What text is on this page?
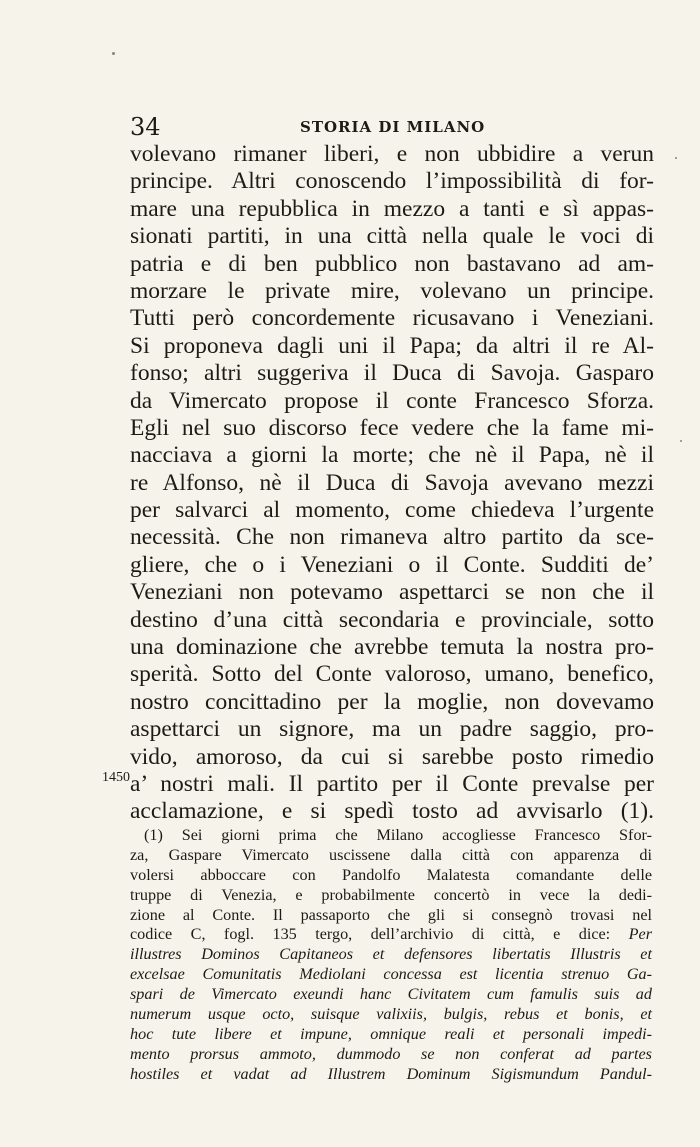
34	STORIA DI MILANO
volevano rimaner liberi, e non ubbidire a verun
principe. Altri conoscendo l’impossibilità di for-
mare una repubblica in mezzo a tanti e sì appas-
sionati partiti, in una città nella quale le voci di
patria e di ben pubblico non bastavano ad am-
morzare le private mire, volevano un principe.
Tutti però concordemente ricusavano i Veneziani.
Si proponeva dagli uni il Papa; da altri il re Al-
fonso; altri suggeriva il Duca di Savoja. Gasparo
da Vimercato propose il conte Francesco Sforza.
Egli nel suo discorso fece vedere che la fame mi-
nacciava a giorni la morte; che nè il Papa, nè il
re Alfonso, nè il Duca di Savoja avevano mezzi
per salvarci al momento, come chiedeva l’urgente
necessità. Che non rimaneva altro partito da sce-
gliere, che o i Veneziani o il Conte. Sudditi de’
Veneziani non potevamo aspettarci se non che il
destino d’una città secondaria e provinciale, sotto
una dominazione che avrebbe temuta la nostra pro-
sperità. Sotto del Conte valoroso, umano, benefico,
nostro concittadino per la moglie, non dovevamo
aspettarci un signore, ma un padre saggio, pro-
vido, amoroso, da cui si sarebbe posto rimedio
a’ nostri mali. Il partito per il Conte prevalse per
acclamazione, e si spedì tosto ad avvisarlo (1).
1450
(1) Sei giorni prima che Milano accogliesse Francesco Sfor-
za, Gaspare Vimercato uscissene dalla città con apparenza di
volersi abboccare con Pandolfo Malatesta comandante delle
truppe di Venezia, e probabilmente concertò in vece la dedi-
zione al Conte. Il passaporto che gli si consegnò trovasi nel
codice C, fogl. 135 tergo, dell’archivio di città, e dice: Per
illustres Dominos Capitaneos et defensores libertatis Illustris et
excelsae Comunitatis Mediolani concessa est licentia strenuo Ga-
spari de Vimercato exeundi hanc Civitatem cum famulis suis ad
numerum usque octo, suisque valixiis, bulgis, rebus et bonis, et
hoc tute libere et impune, omnique reali et personali impedi-
mento prorsus ammoto, dummodo se non conferat ad partes
hostiles et vadat ad Illustrem Dominum Sigismundum Pandul-
